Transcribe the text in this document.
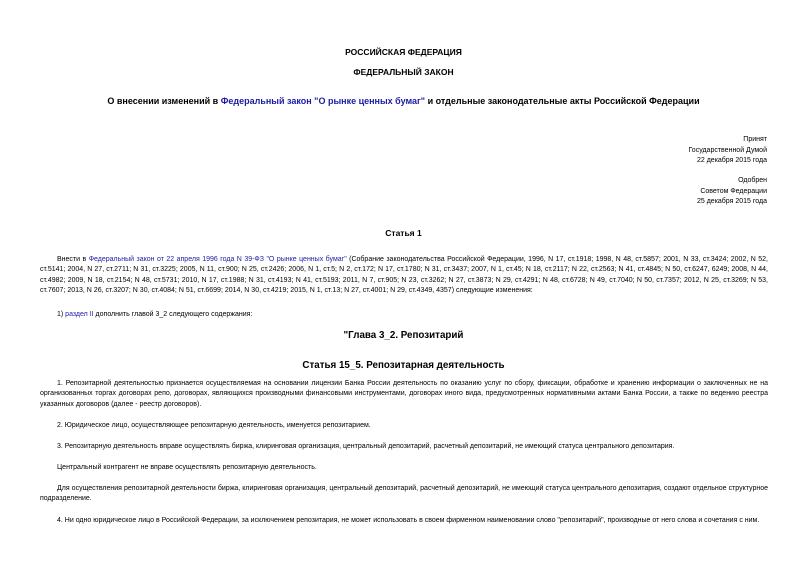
РОССИЙСКАЯ ФЕДЕРАЦИЯ
ФЕДЕРАЛЬНЫЙ ЗАКОН
О внесении изменений в Федеральный закон "О рынке ценных бумаг" и отдельные законодательные акты Российской Федерации
Принят
Государственной Думой
22 декабря 2015 года
Одобрен
Советом Федерации
25 декабря 2015 года
Статья 1
Внести в Федеральный закон от 22 апреля 1996 года N 39-ФЗ "О рынке ценных бумаг" (Собрание законодательства Российской Федерации, 1996, N 17, ст.1918; 1998, N 48, ст.5857; 2001, N 33, ст.3424; 2002, N 52, ст.5141; 2004, N 27, ст.2711; N 31, ст.3225; 2005, N 11, ст.900; N 25, ст.2426; 2006, N 1, ст.5; N 2, ст.172; N 17, ст.1780; N 31, ст.3437; 2007, N 1, ст.45; N 18, ст.2117; N 22, ст.2563; N 41, ст.4845; N 50, ст.6247, 6249; 2008, N 44, ст.4982; 2009, N 18, ст.2154; N 48, ст.5731; 2010, N 17, ст.1988; N 31, ст.4193; N 41, ст.5193; 2011, N 7, ст.905; N 23, ст.3262; N 27, ст.3873; N 29, ст.4291; N 48, ст.6728; N 49, ст.7040; N 50, ст.7357; 2012, N 25, ст.3269; N 53, ст.7607; 2013, N 26, ст.3207; N 30, ст.4084; N 51, ст.6699; 2014, N 30, ст.4219; 2015, N 1, ст.13; N 27, ст.4001; N 29, ст.4349, 4357) следующие изменения:
1) раздел II дополнить главой 3_2 следующего содержания:
"Глава 3_2. Репозитарий
Статья 15_5. Репозитарная деятельность
1. Репозитарной деятельностью признается осуществляемая на основании лицензии Банка России деятельность по оказанию услуг по сбору, фиксации, обработке и хранению информации о заключенных не на организованных торгах договорах репо, договорах, являющихся производными финансовыми инструментами, договорах иного вида, предусмотренных нормативными актами Банка России, а также по ведению реестра указанных договоров (далее - реестр договоров).
2. Юридическое лицо, осуществляющее репозитарную деятельность, именуется репозитарием.
3. Репозитарную деятельность вправе осуществлять биржа, клиринговая организация, центральный депозитарий, расчетный депозитарий, не имеющий статуса центрального депозитария.
Центральный контрагент не вправе осуществлять репозитарную деятельность.
Для осуществления репозитарной деятельности биржа, клиринговая организация, центральный депозитарий, расчетный депозитарий, не имеющий статуса центрального депозитария, создают отдельное структурное подразделение.
4. Ни одно юридическое лицо в Российской Федерации, за исключением репозитария, не может использовать в своем фирменном наименовании слово "репозитарий", производные от него слова и сочетания с ним.
